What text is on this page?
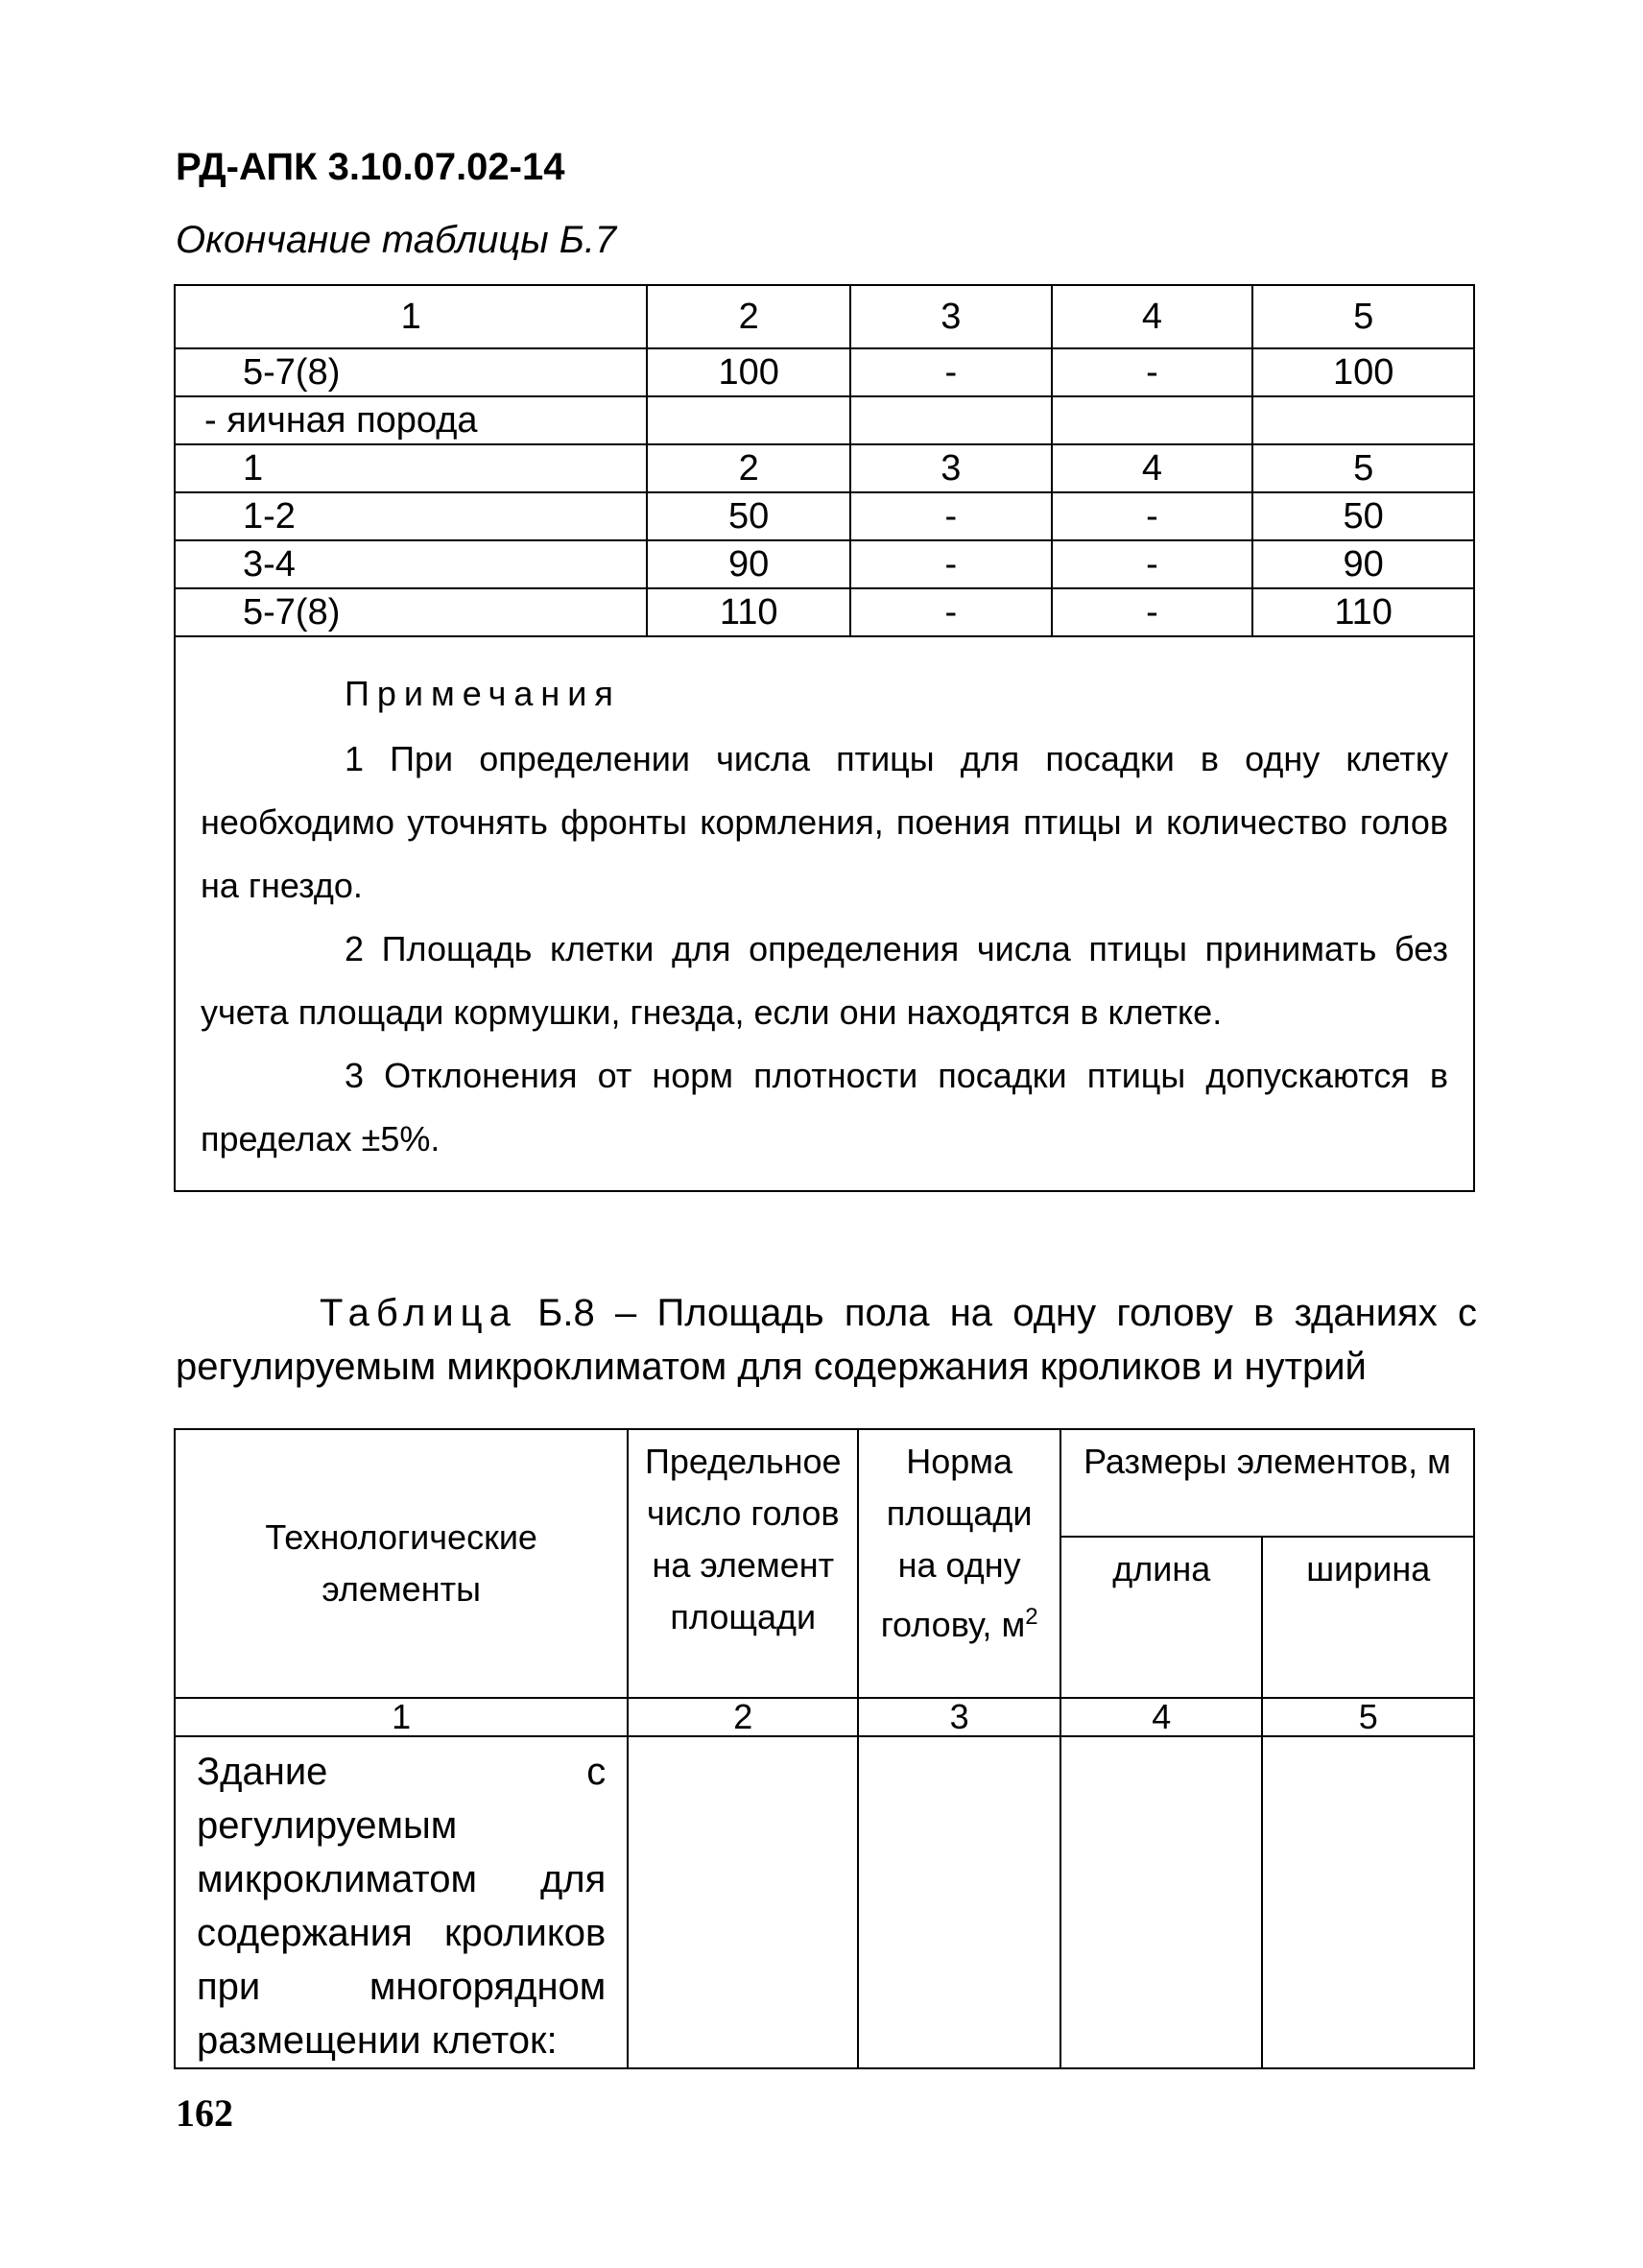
РД-АПК 3.10.07.02-14
Окончание таблицы Б.7
1	2	3	4	5
5-7(8)	100	-	-	100
- яичная порода				
1	2	3	4	5
1-2	50	-	-	50
3-4	90	-	-	90
5-7(8)	110	-	-	110

Примечания

1 При определении числа птицы для посадки в одну клетку необходимо уточнять фронты кормления, поения птицы и количество голов на гнездо.

2 Площадь клетки для определения числа птицы принимать без учета площади кормушки, гнезда, если они находятся в клетке.

3 Отклонения от норм плотности посадки птицы допускаются в пределах ±5%.				

Таблица Б.8 – Площадь пола на одну голову в зданиях с регулируемым микроклиматом для содержания кроликов и нутрий
Технологические элементы	Предельное число голов на элемент площади	Норма площади на одну голову, $м^2$	Размеры элементов, м	
			длина	ширина
1	2	3	4	5
Здание с регулируемым микроклиматом для содержания кроликов при многорядном размещении клеток:				
162
